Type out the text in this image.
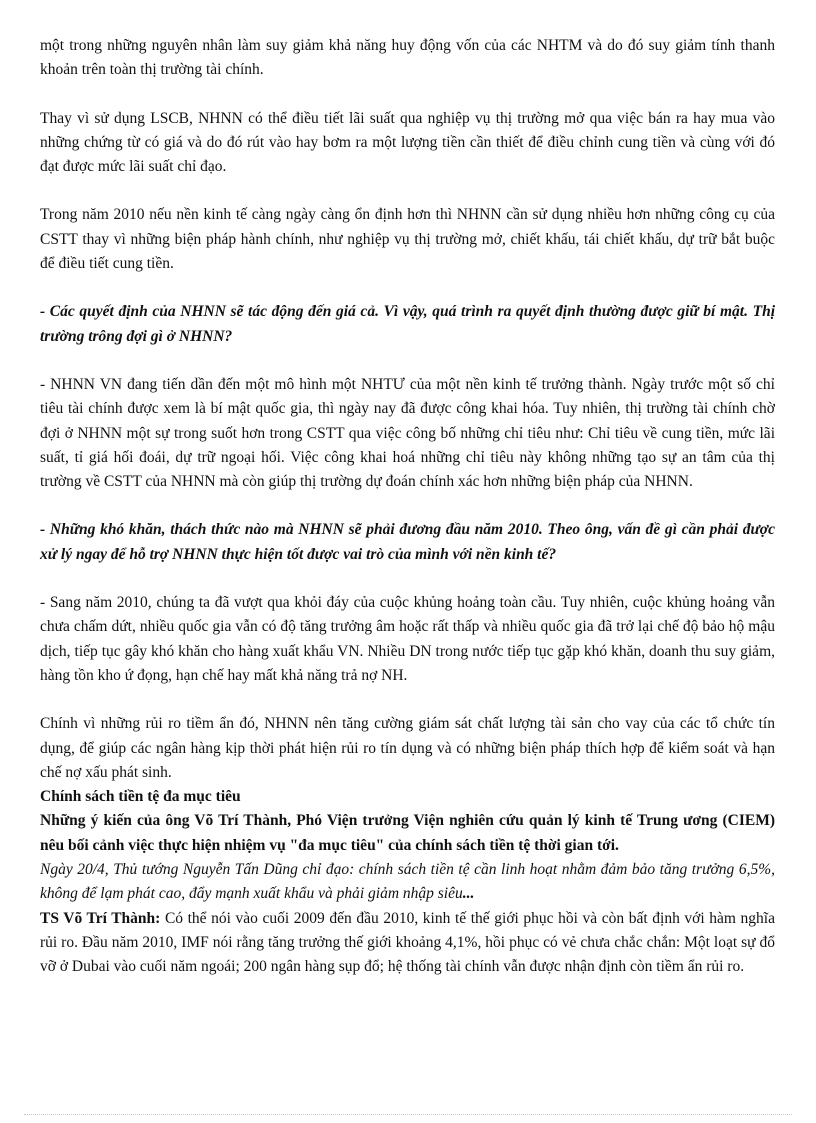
một trong những nguyên nhân làm suy giảm khả năng huy động vốn của các NHTM và do đó suy giảm tính thanh khoản trên toàn thị trường tài chính.

Thay vì sử dụng LSCB, NHNN có thể điều tiết lãi suất qua nghiệp vụ thị trường mở qua việc bán ra hay mua vào những chứng từ có giá và do đó rút vào hay bơm ra một lượng tiền cần thiết để điều chỉnh cung tiền và cùng với đó đạt được mức lãi suất chỉ đạo.

Trong năm 2010 nếu nền kinh tế càng ngày càng ổn định hơn thì NHNN cần sử dụng nhiều hơn những công cụ của CSTT thay vì những biện pháp hành chính, như nghiệp vụ thị trường mở, chiết khấu, tái chiết khấu, dự trữ bắt buộc để điều tiết cung tiền.

- Các quyết định của NHNN sẽ tác động đến giá cả. Vì vậy, quá trình ra quyết định thường được giữ bí mật. Thị trường trông đợi gì ở NHNN?

- NHNN VN đang tiến dần đến một mô hình một NHTƯ của một nền kinh tế trưởng thành. Ngày trước một số chỉ tiêu tài chính được xem là bí mật quốc gia, thì ngày nay đã được công khai hóa. Tuy nhiên, thị trường tài chính chờ đợi ở NHNN một sự trong suốt hơn trong CSTT qua việc công bố những chỉ tiêu như: Chỉ tiêu về cung tiền, mức lãi suất, tỉ giá hối đoái, dự trữ ngoại hối. Việc công khai hoá những chỉ tiêu này không những tạo sự an tâm của thị trường về CSTT của NHNN mà còn giúp thị trường dự đoán chính xác hơn những biện pháp của NHNN.

- Những khó khăn, thách thức nào mà NHNN sẽ phải đương đầu năm 2010. Theo ông, vấn đề gì cần phải được xử lý ngay để hỗ trợ NHNN thực hiện tốt được vai trò của mình với nền kinh tế?

- Sang năm 2010, chúng ta đã vượt qua khỏi đáy của cuộc khủng hoảng toàn cầu. Tuy nhiên, cuộc khủng hoảng vẫn chưa chấm dứt, nhiều quốc gia vẫn có độ tăng trưởng âm hoặc rất thấp và nhiều quốc gia đã trở lại chế độ bảo hộ mậu dịch, tiếp tục gây khó khăn cho hàng xuất khẩu VN. Nhiều DN trong nước tiếp tục gặp khó khăn, doanh thu suy giảm, hàng tồn kho ứ đọng, hạn chế hay mất khả năng trả nợ NH.

Chính vì những rủi ro tiềm ẩn đó, NHNN nên tăng cường giám sát chất lượng tài sản cho vay của các tổ chức tín dụng, để giúp các ngân hàng kịp thời phát hiện rủi ro tín dụng và có những biện pháp thích hợp để kiểm soát và hạn chế nợ xấu phát sinh.

Chính sách tiền tệ đa mục tiêu

Những ý kiến của ông Võ Trí Thành, Phó Viện trưởng Viện nghiên cứu quản lý kinh tế Trung ương (CIEM) nêu bối cảnh việc thực hiện nhiệm vụ "đa mục tiêu" của chính sách tiền tệ thời gian tới.

Ngày 20/4, Thủ tướng Nguyễn Tấn Dũng chỉ đạo: chính sách tiền tệ cần linh hoạt nhằm đảm bảo tăng trưởng 6,5%, không để lạm phát cao, đẩy mạnh xuất khẩu và phải giảm nhập siêu...

TS Võ Trí Thành: Có thể nói vào cuối 2009 đến đầu 2010, kinh tế thế giới phục hồi và còn bất định với hàm nghĩa rủi ro. Đầu năm 2010, IMF nói rằng tăng trưởng thế giới khoảng 4,1%, hồi phục có vẻ chưa chắc chắn: Một loạt sự đổ vỡ ở Dubai vào cuối năm ngoái; 200 ngân hàng sụp đổ; hệ thống tài chính vẫn được nhận định còn tiềm ẩn rủi ro.
